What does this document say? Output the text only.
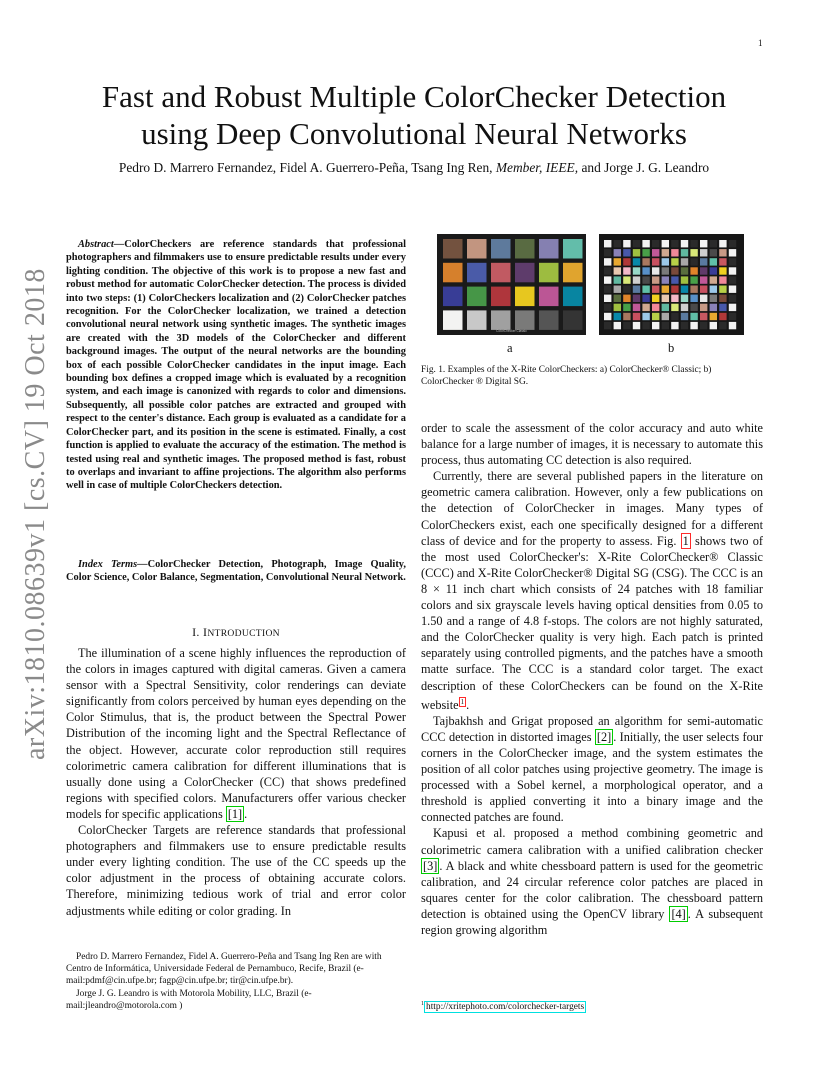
1
arXiv:1810.08639v1 [cs.CV] 19 Oct 2018
Fast and Robust Multiple ColorChecker Detection
using Deep Convolutional Neural Networks
Pedro D. Marrero Fernandez, Fidel A. Guerrero-Peña, Tsang Ing Ren, Member, IEEE, and Jorge J. G. Leandro
Abstract—ColorCheckers are reference standards that professional photographers and filmmakers use to ensure predictable results under every lighting condition. The objective of this work is to propose a new fast and robust method for automatic ColorChecker detection. The process is divided into two steps: (1) ColorCheckers localization and (2) ColorChecker patches recognition. For the ColorChecker localization, we trained a detection convolutional neural network using synthetic images. The synthetic images are created with the 3D models of the ColorChecker and different background images. The output of the neural networks are the bounding box of each possible ColorChecker candidates in the input image. Each bounding box defines a cropped image which is evaluated by a recognition system, and each image is canonized with regards to color and dimensions. Subsequently, all possible color patches are extracted and grouped with respect to the center's distance. Each group is evaluated as a candidate for a ColorChecker part, and its position in the scene is estimated. Finally, a cost function is applied to evaluate the accuracy of the estimation. The method is tested using real and synthetic images. The proposed method is fast, robust to overlaps and invariant to affine projections. The algorithm also performs well in case of multiple ColorCheckers detection.
Index Terms—ColorChecker Detection, Photograph, Image Quality, Color Science, Color Balance, Segmentation, Convolutional Neural Network.
I. INTRODUCTION

The illumination of a scene highly influences the reproduction of the colors in images captured with digital cameras. Given a camera sensor with a Spectral Sensitivity, color renderings can deviate significantly from colors perceived by human eyes depending on the Color Stimulus, that is, the product between the Spectral Power Distribution of the incoming light and the Spectral Reflectance of the object. However, accurate color reproduction still requires colorimetric camera calibration for different illuminations that is usually done using a ColorChecker (CC) that shows predefined regions with specified colors. Manufacturers offer various checker models for specific applications [1] .

ColorChecker Targets are reference standards that professional photographers and filmmakers use to ensure predictable results under every lighting condition. The use of the CC speeds up the color adjustment in the process of obtaining accurate colors. Therefore, minimizing tedious work of trial and error color adjustments while editing or color grading. In

Pedro D. Marrero Fernandez, Fidel A. Guerrero-Peña and Tsang Ing Ren are with Centro de Informática, Universidade Federal de Pernambuco, Recife, Brazil (e-mail:pdmf@cin.ufpe.br; fagp@cin.ufpe.br; tir@cin.ufpe.br).

Jorge J. G. Leandro is with Motorola Mobility, LLC, Brazil (e-mail:jleandro@motorola.com )

ColorChecker Classic
a	b
Fig. 1. Examples of the X-Rite ColorCheckers: a) ColorChecker® Classic; b) ColorChecker ® Digital SG.

order to scale the assessment of the color accuracy and auto white balance for a large number of images, it is necessary to automate this process, thus automating CC detection is also required.

Currently, there are several published papers in the literature on geometric camera calibration. However, only a few publications on the detection of ColorChecker in images. Many types of ColorCheckers exist, each one specifically designed for a different class of device and for the property to assess. Fig. 1 shows two of the most used ColorChecker's: X-Rite ColorChecker® Classic (CCC) and X-Rite ColorChecker® Digital SG (CSG). The CCC is an 8 × 11 inch chart which consists of 24 patches with 18 familiar colors and six grayscale levels having optical densities from 0.05 to 1.50 and a range of 4.8 f-stops. The colors are not highly saturated, and the ColorChecker quality is very high. Each patch is printed separately using controlled pigments, and the patches have a smooth matte surface. The CCC is a standard color target. The exact description of these ColorCheckers can be found on the X-Rite website $^1$ .

Tajbakhsh and Grigat proposed an algorithm for semi-automatic CCC detection in distorted images [2] . Initially, the user selects four corners in the ColorChecker image, and the system estimates the position of all color patches using projective geometry. The image is processed with a Sobel kernel, a morphological operator, and a threshold is applied converting it into a binary image and the connected patches are found.

Kapusi et al. proposed a method combining geometric and colorimetric camera calibration with a unified calibration checker [3] . A black and white chessboard pattern is used for the geometric calibration, and 24 circular reference color patches are placed in squares center for the color calibration. The chessboard pattern detection is obtained using the OpenCV library [4] . A subsequent region growing algorithm

$^1$ http://xritephoto.com/colorchecker-targets
